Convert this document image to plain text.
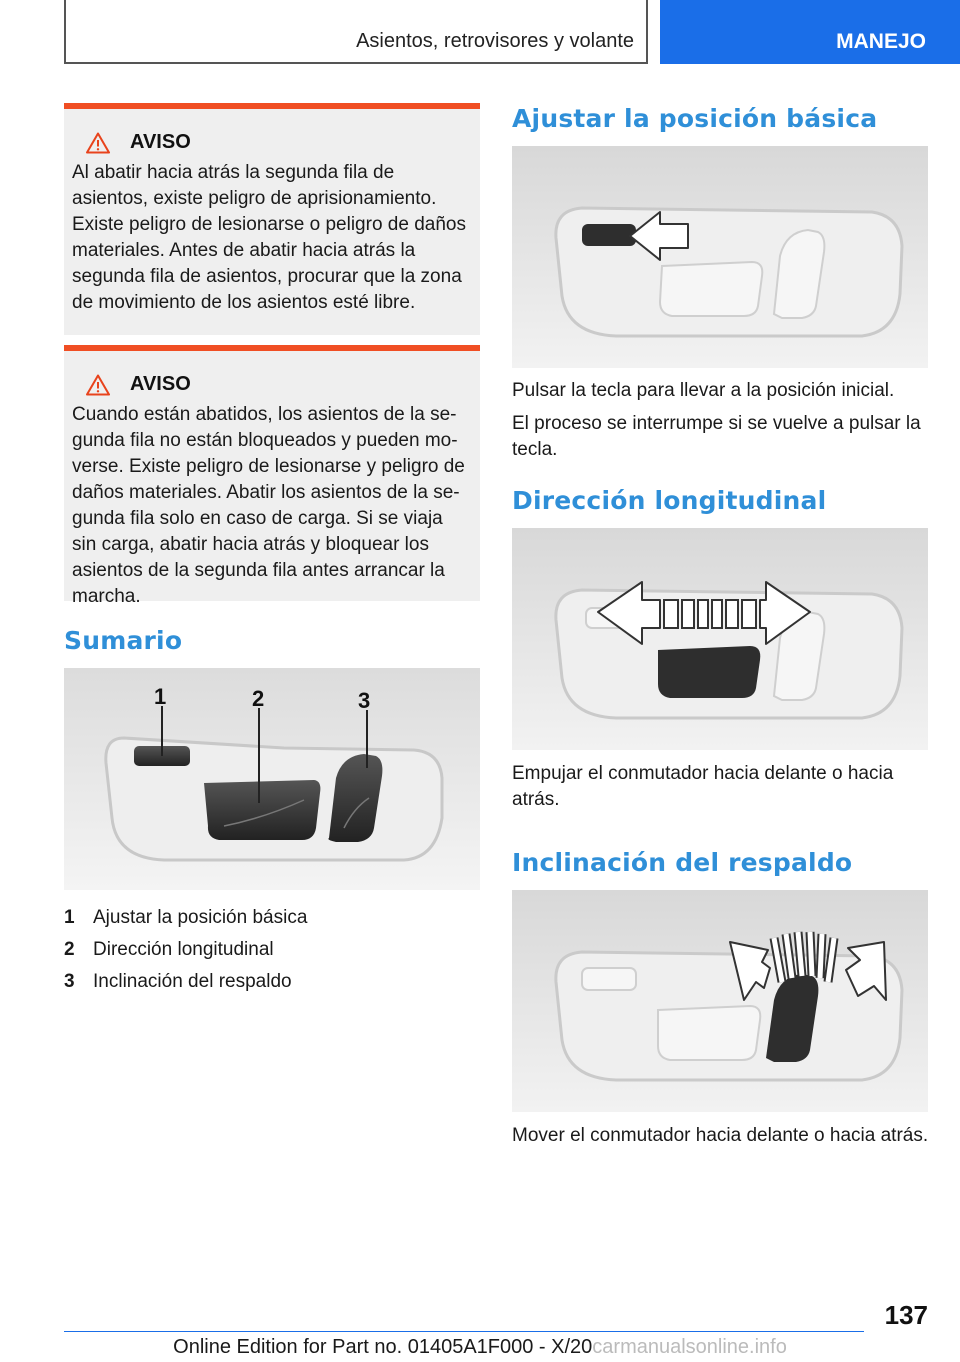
Asientos, retrovisores y volante	MANEJO
AVISO

Al abatir hacia atrás la segunda fila de asientos, existe peligro de aprisionamiento. Existe peligro de lesionarse o peligro de daños materiales. Antes de abatir hacia atrás la segunda fila de asientos, procurar que la zona de movimiento de los asientos esté libre.

AVISO

Cuando están abatidos, los asientos de la segunda fila no están bloqueados y pueden moverse. Existe peligro de lesionarse y peligro de daños materiales. Abatir los asientos de la segunda fila solo en caso de carga. Si se viaja sin carga, abatir hacia atrás y bloquear los asientos de la segunda fila antes arrancar la marcha.

Sumario
1	2	3
1 Ajustar la posición básica
2 Dirección longitudinal
3 Inclinación del respaldo
Ajustar la posición básica

Pulsar la tecla para llevar a la posición inicial.

El proceso se interrumpe si se vuelve a pulsar la tecla.

Dirección longitudinal

Empujar el conmutador hacia delante o hacia atrás.

Inclinación del respaldo

Mover el conmutador hacia delante o hacia atrás.

137
Online Edition for Part no. 01405A1F000 - X/20carmanualsonline.info
